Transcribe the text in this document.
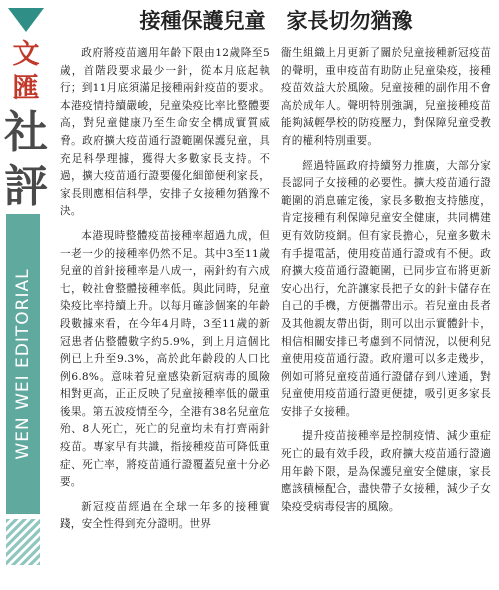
文
匯
社
評
WEN WEI EDITORIAL
接種保護兒童　家長切勿猶豫

政府將疫苗適用年齡下限由12歲降至5歲，首階段要求最少一針，從本月底起執行；到11月底須滿足接種兩針疫苗的要求。本港疫情持續嚴峻，兒童染疫比率比整體要高，對兒童健康乃至生命安全構成實質威脅。政府擴大疫苗通行證範圍保護兒童，具充足科學理據，獲得大多數家長支持。不過，擴大疫苗通行證要優化細節便利家長，家長則應相信科學，安排子女接種勿猶豫不決。

本港現時整體疫苗接種率超過九成，但一老一少的接種率仍然不足。其中3至11歲兒童的首針接種率是八成一，兩針約有六成七，較社會整體接種率低。與此同時，兒童染疫比率持續上升。以每月確診個案的年齡段數據來看，在今年4月時，3至11歲的新冠患者佔整體數字約5.9%，到上月這個比例已上升至9.3%，高於此年齡段的人口比例6.8%。意味着兒童感染新冠病毒的風險相對更高，正正反映了兒童接種率低的嚴重後果。第五波疫情至今，全港有38名兒童危殆、8人死亡，死亡的兒童均未有打齊兩針疫苗。專家早有共識，指接種疫苗可降低重症、死亡率，將疫苗通行證覆蓋兒童十分必要。

新冠疫苗經過在全球一年多的接種實踐，安全性得到充分證明。世界

衞生組織上月更新了關於兒童接種新冠疫苗的聲明，重申疫苗有助防止兒童染疫，接種疫苗效益大於風險。兒童接種的副作用不會高於成年人。聲明特別強調，兒童接種疫苗能夠減輕學校的防疫壓力，對保障兒童受教育的權利特別重要。

經過特區政府持續努力推廣，大部分家長認同子女接種的必要性。擴大疫苗通行證範圍的消息確定後，家長多數抱支持態度，肯定接種有利保障兒童安全健康，共同構建更有效防疫網。但有家長擔心，兒童多數未有手提電話，使用疫苗通行證或有不便。政府擴大疫苗通行證範圍，已同步宣布將更新安心出行，允許讓家長把子女的針卡儲存在自己的手機，方便攜帶出示。若兒童由長者及其他親友帶出街，則可以出示實體針卡，相信相關安排已考慮到不同情況，以便利兒童使用疫苗通行證。政府還可以多走幾步，例如可將兒童疫苗通行證儲存到八達通，對兒童使用疫苗通行證更便捷，吸引更多家長安排子女接種。

提升疫苗接種率是控制疫情、減少重症死亡的最有效手段，政府擴大疫苗通行證適用年齡下限，是為保護兒童安全健康，家長應該積極配合，盡快帶子女接種，減少子女染疫受病毒侵害的風險。
